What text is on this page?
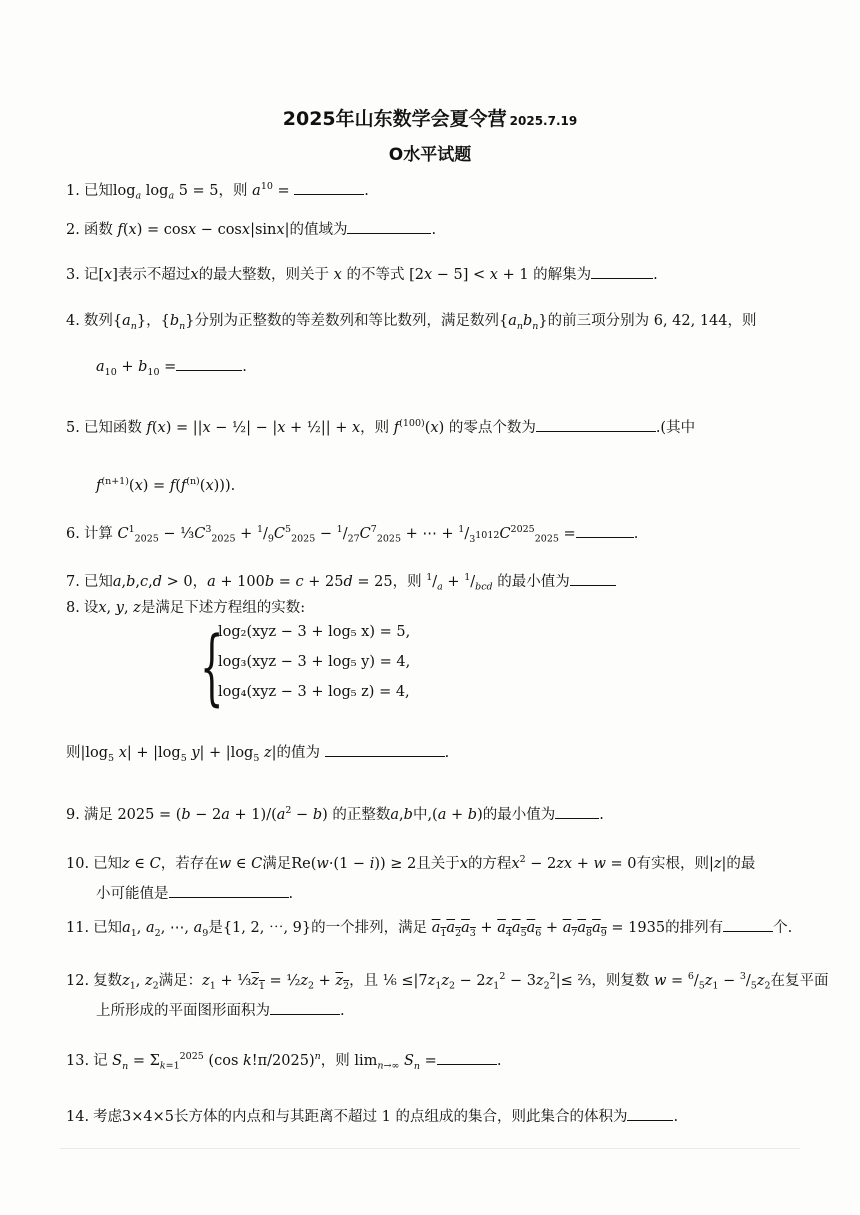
2025年山东数学会夏令营 2025.7.19
O水平试题
1. 已知$\log_a \log_a 5 = 5$，则 $a^{10}$ =	.
2. 函数 f(x) = cosx − cosx|sinx|的值域为	.
3. 记[x]表示不超过x的最大整数，则关于 x 的不等式 [2x − 5] < x + 1 的解集为	.
4. 数列$\{a_n\}$，$\{b_n\}$分别为正整数的等差数列和等比数列，满足数列$\{a_nb_n\}$的前三项分别为 6, 42, 144，则
$a_{10} + b_{10}$ =	.
5. 已知函数 f(x) = ||x − ½| − |x + ½|| + x，则 $f^{(100)}(x)$ 的零点个数为	.(其中
$f^{(n+1)}(x) = f(f^{(n)}(x))$).
6. 计算 $C^1_{2025}$ − $\frac{1}{3}C^3_{2025} + ^1/_9C^5_{2025} - ^1/_{27}C^7_{2025}$ + ⋯ + $^1/_{3^{1012}}C^{2025}_{2025}$ =	.
7. 已知a,b,c,d > 0，a + 100b = c + 25d = 25，则 $^1/_a + ^1/_{bcd}$ 的最小值为
8. 设x, y, z是满足下述方程组的实数:
{
log₂(xyz − 3 + log₅ x) = 5,
log₃(xyz − 3 + log₅ y) = 4,
log₄(xyz − 3 + log₅ z) = 4,
则$|\log_5$ $x| + |\log_5$ $y| + |\log_5$ z|的值为	.
9. 满足 $2025 = (b - 2a + 1)/(a^2 - b)$ 的正整数a,b中,(a + b)的最小值为	.
10. 已知z ∈ C，若存在w ∈ C满足Re(w·(1 − i)) ≥ 2且关于x的方程$x^2 - 2zx + w = 0$有实根，则|z|的最
小可能值是	.
11. 已知$a_1$, $a_2$, ⋯, $a_9$是{1, 2, ⋯, 9}的一个排列，满足 $a_1a_2a_3 + a_4a_5a_6 + a_7a_8a_9 = 1935$的排列有	个.
12. 复数$z_1$, $z_2$满足：$z_1$ + $\frac{1}{3}z_1$ = $\frac{1}{2}z_2 + z_2$，且 ⅙ $\le|7z_1z_2 - 2z_1^2 - 3z_2^2|\le$ ⅔，则复数 $w = ^6/_5z_1 - ^3/_5z_2$在复平面
上所形成的平面图形面积为	.
13. 记 $S_n = \Sigma_{k=1}^{2025}$ (cos k!π/2025)$^n$，则 $\lim_{n\to\infty} S_n$ =	.
14. 考虑3×4×5长方体的内点和与其距离不超过 1 的点组成的集合，则此集合的体积为	.
